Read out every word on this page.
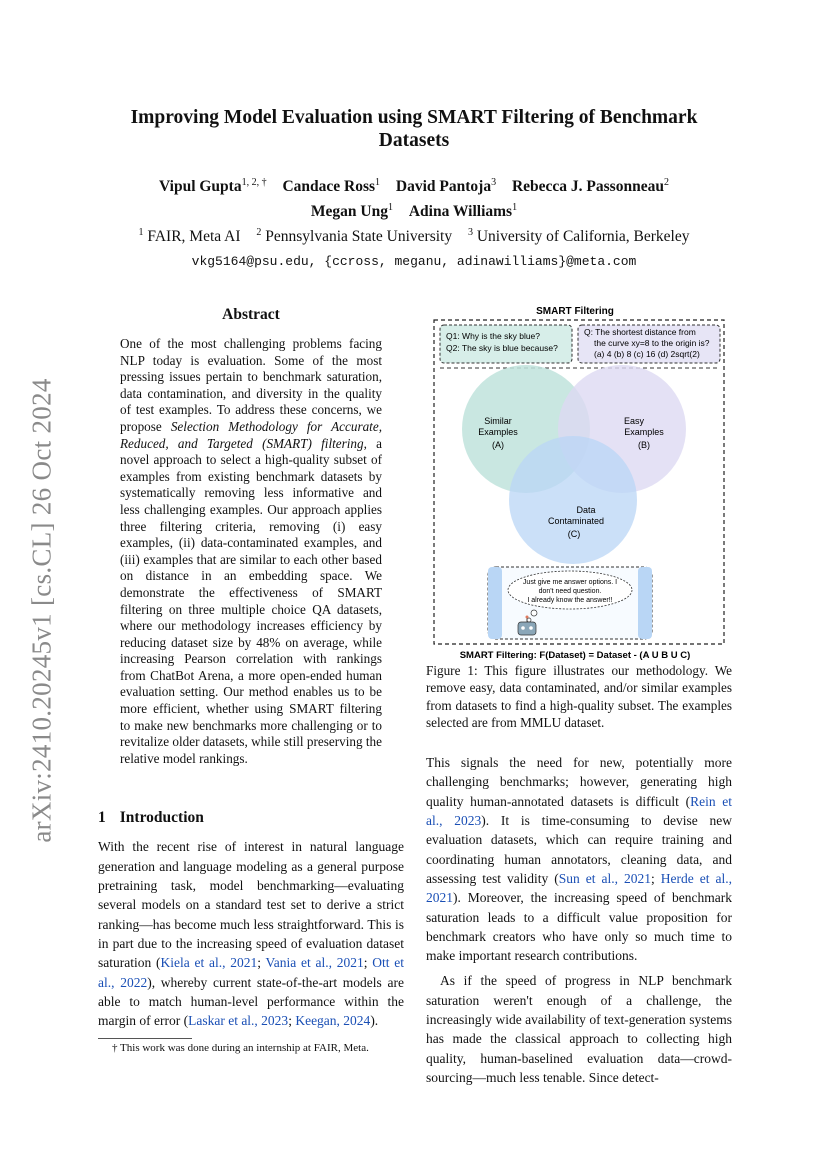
arXiv:2410.20245v1 [cs.CL] 26 Oct 2024
Improving Model Evaluation using SMART Filtering of Benchmark Datasets
Vipul Gupta$^{1, 2, \dagger}$ Candace Ross$^1$ David Pantoja$^3$ Rebecca J. Passonneau$^2$
Megan Ung$^1$ Adina Williams$^1$
$^1$ FAIR, Meta AI $^2$ Pennsylvania State University $^3$ University of California, Berkeley
vkg5164@psu.edu, {ccross, meganu, adinawilliams}@meta.com
Abstract
One of the most challenging problems facing NLP today is evaluation. Some of the most pressing issues pertain to benchmark saturation, data contamination, and diversity in the quality of test examples. To address these concerns, we propose Selection Methodology for Accurate, Reduced, and Targeted (SMART) filtering, a novel approach to select a high-quality subset of examples from existing benchmark datasets by systematically removing less informative and less challenging examples. Our approach applies three filtering criteria, removing (i) easy examples, (ii) data-contaminated examples, and (iii) examples that are similar to each other based on distance in an embedding space. We demonstrate the effectiveness of SMART filtering on three multiple choice QA datasets, where our methodology increases efficiency by reducing dataset size by 48% on average, while increasing Pearson correlation with rankings from ChatBot Arena, a more open-ended human evaluation setting. Our method enables us to be more efficient, whether using SMART filtering to make new benchmarks more challenging or to revitalize older datasets, while still preserving the relative model rankings.
1 Introduction
With the recent rise of interest in natural language generation and language modeling as a general purpose pretraining task, model benchmarking—evaluating several models on a standard test set to derive a strict ranking—has become much less straightforward. This is in part due to the increasing speed of evaluation dataset saturation (Kiela et al., 2021; Vania et al., 2021; Ott et al., 2022), whereby current state-of-the-art models are able to match human-level performance within the margin of error (Laskar et al., 2023; Keegan, 2024).
† This work was done during an internship at FAIR, Meta.
SMART Filtering
Q1: Why is the sky blue?
Q2: The sky is blue because?
Q: The shortest distance from
the curve xy=8 to the origin is?
(a) 4 (b) 8 (c) 16 (d) 2sqrt(2)
Similar
Examples
(A)
Easy
Examples
(B)
Data
Contaminated
(C)
Just give me answer options. I
don't need question.
I already know the answer!!
SMART Filtering: F(Dataset) = Dataset - (A U B U C)
Figure 1: This figure illustrates our methodology. We remove easy, data contaminated, and/or similar examples from datasets to find a high-quality subset. The examples selected are from MMLU dataset.
This signals the need for new, potentially more challenging benchmarks; however, generating high quality human-annotated datasets is difficult (Rein et al., 2023). It is time-consuming to devise new evaluation datasets, which can require training and coordinating human annotators, cleaning data, and assessing test validity (Sun et al., 2021; Herde et al., 2021). Moreover, the increasing speed of benchmark saturation leads to a difficult value proposition for benchmark creators who have only so much time to make important research contributions.
As if the speed of progress in NLP benchmark saturation weren't enough of a challenge, the increasingly wide availability of text-generation systems has made the classical approach to collecting high quality, human-baselined evaluation data—crowd-sourcing—much less tenable. Since detect-
